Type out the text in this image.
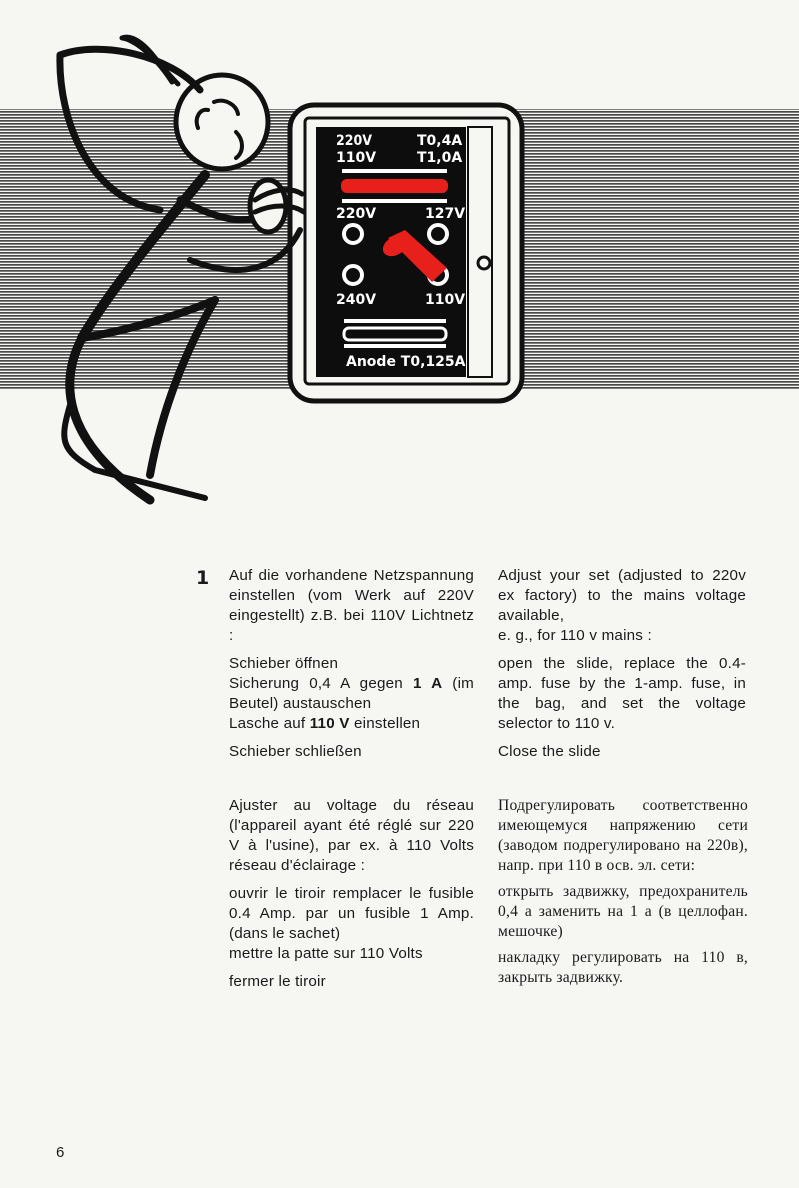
220V
110V
T0,4A
T1,0A
220V	127V
240V	110V
Anode T0,125A
1 Auf die vorhandene Netzspannung einstellen (vom Werk auf 220V eingestellt) z.B. bei 110V Lichtnetz :

Schieber öffnen
Sicherung 0,4 A gegen 1 A (im Beutel) austauschen
Lasche auf 110 V einstellen
Schieber schließen
Adjust your set (adjusted to 220v ex factory) to the mains voltage available,

e. g., for 110 v mains :

open the slide, replace the 0.4-amp. fuse by the 1-amp. fuse, in the bag, and set the voltage selector to 110 v.
Close the slide

Ajuster au voltage du réseau (l'appareil ayant été réglé sur 220 V à l'usine), par ex. à 110 Volts réseau d'éclairage :

ouvrir le tiroir remplacer le fusible 0.4 Amp. par un fusible 1 Amp. (dans le sachet)
mettre la patte sur 110 Volts
fermer le tiroir

Подрегулировать соответственно имеющемуся напряжению сети (заводом подрегулировано на 220в), напр. при 110 в осв. эл. сети:

открыть задвижку, предохранитель 0,4 а заменить на 1 а (в целлофан. мешочке)

накладку регулировать на 110 в, закрыть задвижку.
6
